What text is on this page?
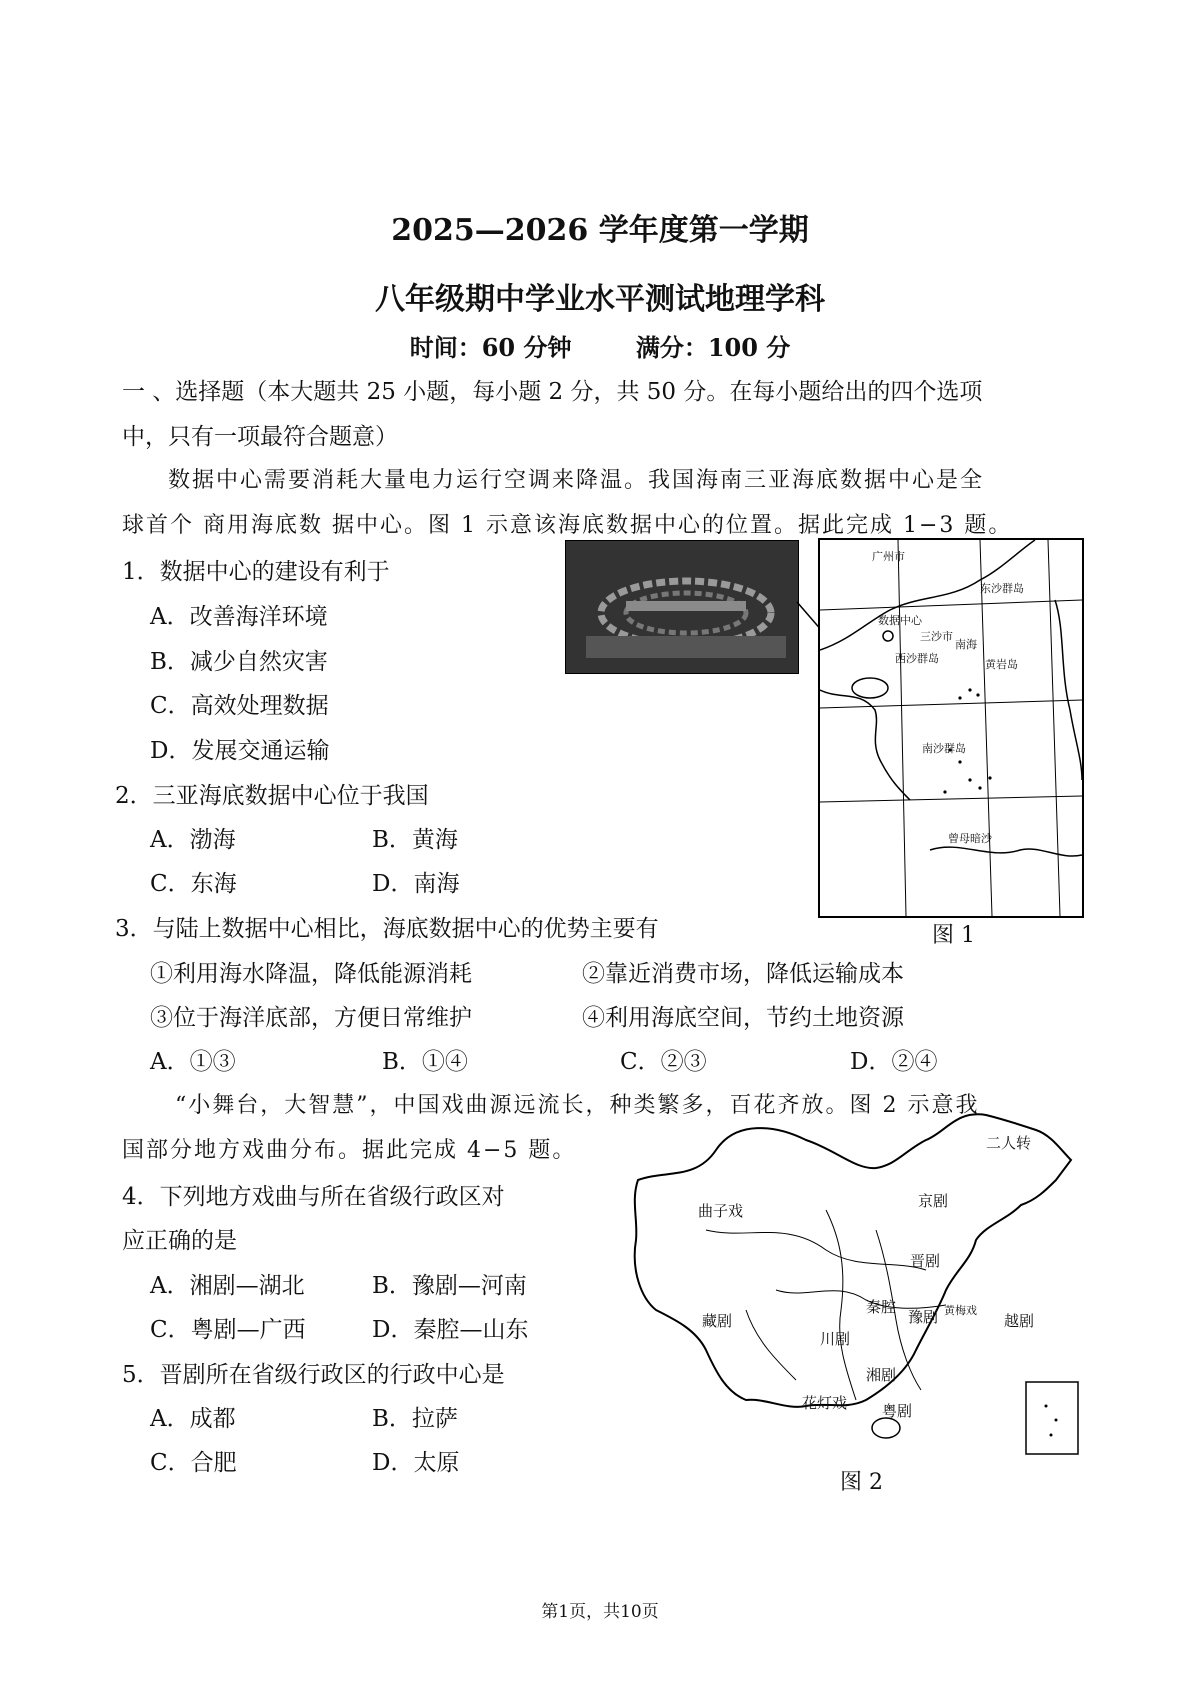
2025—2026 学年度第一学期
八年级期中学业水平测试地理学科
时间：60 分钟	满分：100 分
一 、选择题（本大题共 25 小题，每小题 2 分，共 50 分。在每小题给出的四个选项
中，只有一项最符合题意）
数据中心需要消耗大量电力运行空调来降温。我国海南三亚海底数据中心是全
球首个 商用海底数 据中心。图 1 示意该海底数据中心的位置。据此完成 1−3 题。
1．数据中心的建设有利于
A．改善海洋环境
B．减少自然灾害
C．高效处理数据
D．发展交通运输
2．三亚海底数据中心位于我国
A．渤海	B．黄海
C．东海	D．南海
3．与陆上数据中心相比，海底数据中心的优势主要有
①利用海水降温，降低能源消耗	②靠近消费市场，降低运输成本
③位于海洋底部，方便日常维护	④利用海底空间，节约土地资源
A．①③	B．①④	C．②③	D．②④
“小舞台，大智慧”，中国戏曲源远流长，种类繁多，百花齐放。图 2 示意我
国部分地方戏曲分布。据此完成 4−5 题。
4．下列地方戏曲与所在省级行政区对
应正确的是
A．湘剧—湖北	B．豫剧—河南
C．粤剧—广西	D．秦腔—山东
5．晋剧所在省级行政区的行政中心是
A．成都	B．拉萨
C．合肥	D．太原
广州市
东沙群岛
南海
数据中心
三沙市
西沙群岛	黄岩岛
南沙群岛
曾母暗沙
图 1
曲子戏
京剧
二人转
晋剧
秦腔
豫剧 黄梅戏
越剧
藏剧
川剧
湘剧
花灯戏 粤剧
图 2
第1页，共10页
